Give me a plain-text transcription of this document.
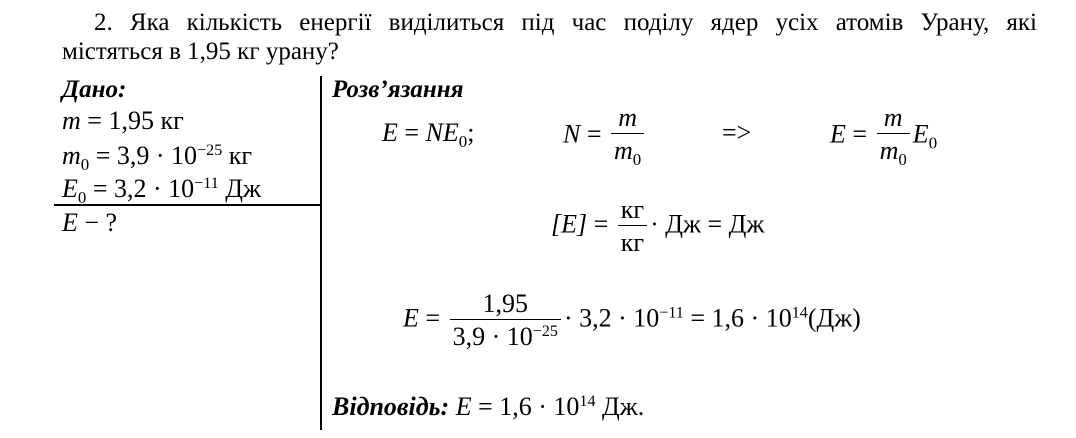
2. Яка кількість енергії виділиться під час поділу ядер усіх атомів Урану, які
містяться в 1,95 кг урану?
Дано:
m = 1,95 кг
$m_0 = 3,9 \cdot 10^{-25}$ кг
$E_0 = 3,2 \cdot 10^{-11}$ Дж
E − ?
Розв’язання
$E = NE_0$;	$N = \frac{m}{m_0}$	=>	$E = \frac{m}{m_0} E_0$
$[E] = \frac{кг}{кг}$ · Дж = Дж
$E = \frac{1,95}{3,9 \cdot 10^{-25}} \cdot 3,2 \cdot 10^{-11} = 1,6 \cdot 10^{14}(Дж)$
Відповідь: $E = 1,6 \cdot 10^{14}$ Дж.
